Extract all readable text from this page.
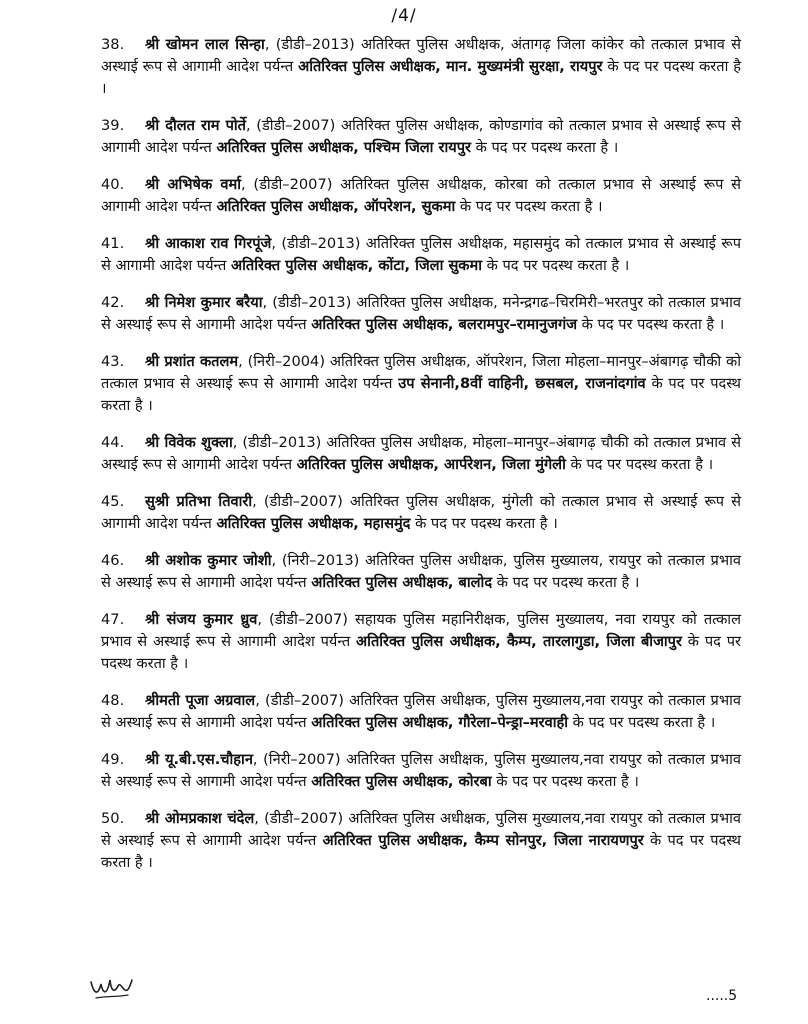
/4/

38. श्री खोमन लाल सिन्हा, (डीडी–2013) अतिरिक्त पुलिस अधीक्षक, अंतागढ़ जिला कांकेर को तत्काल प्रभाव से अस्थाई रूप से आगामी आदेश पर्यन्त अतिरिक्त पुलिस अधीक्षक, मान. मुख्यमंत्री सुरक्षा, रायपुर के पद पर पदस्थ करता है ।

39. श्री दौलत राम पोर्ते, (डीडी–2007) अतिरिक्त पुलिस अधीक्षक, कोण्डागांव को तत्काल प्रभाव से अस्थाई रूप से आगामी आदेश पर्यन्त अतिरिक्त पुलिस अधीक्षक, पश्चिम जिला रायपुर के पद पर पदस्थ करता है ।

40. श्री अभिषेक वर्मा, (डीडी–2007) अतिरिक्त पुलिस अधीक्षक, कोरबा को तत्काल प्रभाव से अस्थाई रूप से आगामी आदेश पर्यन्त अतिरिक्त पुलिस अधीक्षक, ऑपरेशन, सुकमा के पद पर पदस्थ करता है ।

41. श्री आकाश राव गिरपूंजे, (डीडी–2013) अतिरिक्त पुलिस अधीक्षक, महासमुंद को तत्काल प्रभाव से अस्थाई रूप से आगामी आदेश पर्यन्त अतिरिक्त पुलिस अधीक्षक, कोंटा, जिला सुकमा के पद पर पदस्थ करता है ।

42. श्री निमेश कुमार बरैया, (डीडी–2013) अतिरिक्त पुलिस अधीक्षक, मनेन्द्रगढ–चिरमिरी–भरतपुर को तत्काल प्रभाव से अस्थाई रूप से आगामी आदेश पर्यन्त अतिरिक्त पुलिस अधीक्षक, बलरामपुर–रामानुजगंज के पद पर पदस्थ करता है ।

43. श्री प्रशांत कतलम, (निरी–2004) अतिरिक्त पुलिस अधीक्षक, ऑपरेशन, जिला मोहला–मानपुर–अंबागढ़ चौकी को तत्काल प्रभाव से अस्थाई रूप से आगामी आदेश पर्यन्त उप सेनानी,8वीं वाहिनी, छसबल, राजनांदगांव के पद पर पदस्थ करता है ।

44. श्री विवेक शुक्ला, (डीडी–2013) अतिरिक्त पुलिस अधीक्षक, मोहला–मानपुर–अंबागढ़ चौकी को तत्काल प्रभाव से अस्थाई रूप से आगामी आदेश पर्यन्त अतिरिक्त पुलिस अधीक्षक, आर्परेशन, जिला मुंगेली के पद पर पदस्थ करता है ।

45. सुश्री प्रतिभा तिवारी, (डीडी–2007) अतिरिक्त पुलिस अधीक्षक, मुंगेली को तत्काल प्रभाव से अस्थाई रूप से आगामी आदेश पर्यन्त अतिरिक्त पुलिस अधीक्षक, महासमुंद के पद पर पदस्थ करता है ।

46. श्री अशोक कुमार जोशी, (निरी–2013) अतिरिक्त पुलिस अधीक्षक, पुलिस मुख्यालय, रायपुर को तत्काल प्रभाव से अस्थाई रूप से आगामी आदेश पर्यन्त अतिरिक्त पुलिस अधीक्षक, बालोद के पद पर पदस्थ करता है ।

47. श्री संजय कुमार ध्रुव, (डीडी–2007) सहायक पुलिस महानिरीक्षक, पुलिस मुख्यालय, नवा रायपुर को तत्काल प्रभाव से अस्थाई रूप से आगामी आदेश पर्यन्त अतिरिक्त पुलिस अधीक्षक, कैम्प, तारलागुडा, जिला बीजापुर के पद पर पदस्थ करता है ।

48. श्रीमती पूजा अग्रवाल, (डीडी–2007) अतिरिक्त पुलिस अधीक्षक, पुलिस मुख्यालय,नवा रायपुर को तत्काल प्रभाव से अस्थाई रूप से आगामी आदेश पर्यन्त अतिरिक्त पुलिस अधीक्षक, गौरेला–पेन्ड्रा–मरवाही के पद पर पदस्थ करता है ।

49. श्री यू.बी.एस.चौहान, (निरी–2007) अतिरिक्त पुलिस अधीक्षक, पुलिस मुख्यालय,नवा रायपुर को तत्काल प्रभाव से अस्थाई रूप से आगामी आदेश पर्यन्त अतिरिक्त पुलिस अधीक्षक, कोरबा के पद पर पदस्थ करता है ।

50. श्री ओमप्रकाश चंदेल, (डीडी–2007) अतिरिक्त पुलिस अधीक्षक, पुलिस मुख्यालय,नवा रायपुर को तत्काल प्रभाव से अस्थाई रूप से आगामी आदेश पर्यन्त अतिरिक्त पुलिस अधीक्षक, कैम्प सोनपुर, जिला नारायणपुर के पद पर पदस्थ करता है ।

.....5
